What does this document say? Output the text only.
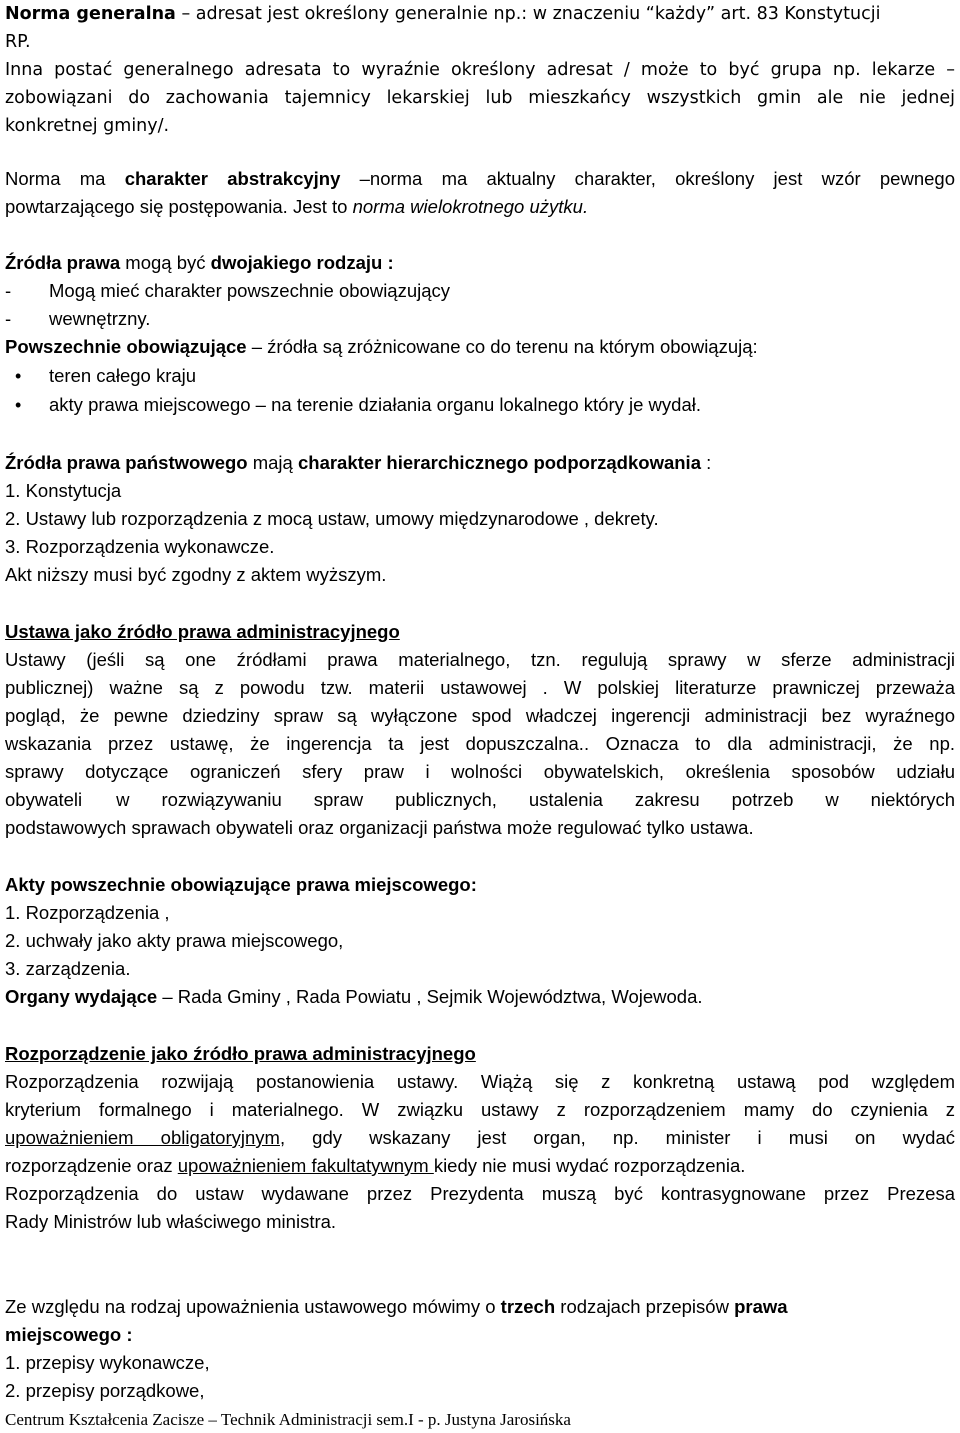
Norma generalna – adresat jest określony generalnie np.: w znaczeniu “każdy” art. 83 Konstytucji
RP.
Inna postać generalnego adresata to wyraźnie określony adresat / może to być grupa np. lekarze –
zobowiązani do zachowania tajemnicy lekarskiej lub mieszkańcy wszystkich gmin ale nie jednej
konkretnej gminy/.
Norma ma charakter abstrakcyjny –norma ma aktualny charakter, określony jest wzór pewnego
powtarzającego się postępowania. Jest to norma wielokrotnego użytku.
Źródła prawa mogą być dwojakiego rodzaju :
- Mogą mieć charakter powszechnie obowiązujący
- wewnętrzny.
Powszechnie obowiązujące – źródła są zróżnicowane co do terenu na którym obowiązują:
• teren całego kraju
• akty prawa miejscowego – na terenie działania organu lokalnego który je wydał.
Źródła prawa państwowego mają charakter hierarchicznego podporządkowania :
1. Konstytucja
2. Ustawy lub rozporządzenia z mocą ustaw, umowy międzynarodowe , dekrety.
3. Rozporządzenia wykonawcze.
Akt niższy musi być zgodny z aktem wyższym.
Ustawa jako źródło prawa administracyjnego
Ustawy (jeśli są one źródłami prawa materialnego, tzn. regulują sprawy w sferze administracji
publicznej) ważne są z powodu tzw. materii ustawowej . W polskiej literaturze prawniczej przeważa
pogląd, że pewne dziedziny spraw są wyłączone spod władczej ingerencji administracji bez wyraźnego
wskazania przez ustawę, że ingerencja ta jest dopuszczalna.. Oznacza to dla administracji, że np.
sprawy dotyczące ograniczeń sfery praw i wolności obywatelskich, określenia sposobów udziału
obywateli w rozwiązywaniu spraw publicznych, ustalenia zakresu potrzeb w niektórych
podstawowych sprawach obywateli oraz organizacji państwa może regulować tylko ustawa.
Akty powszechnie obowiązujące prawa miejscowego:
1. Rozporządzenia ,
2. uchwały jako akty prawa miejscowego,
3. zarządzenia.
Organy wydające – Rada Gminy , Rada Powiatu , Sejmik Województwa, Wojewoda.
Rozporządzenie jako źródło prawa administracyjnego
Rozporządzenia rozwijają postanowienia ustawy. Wiążą się z konkretną ustawą pod względem
kryterium formalnego i materialnego. W związku ustawy z rozporządzeniem mamy do czynienia z
upoważnieniem obligatoryjnym, gdy wskazany jest organ, np. minister i musi on wydać
rozporządzenie oraz upoważnieniem fakultatywnym kiedy nie musi wydać rozporządzenia.
Rozporządzenia do ustaw wydawane przez Prezydenta muszą być kontrasygnowane przez Prezesa
Rady Ministrów lub właściwego ministra.
Ze względu na rodzaj upoważnienia ustawowego mówimy o trzech rodzajach przepisów prawa
miejscowego :
1. przepisy wykonawcze,
2. przepisy porządkowe,
Centrum Kształcenia Zacisze – Technik Administracji sem.I - p. Justyna Jarosińska
